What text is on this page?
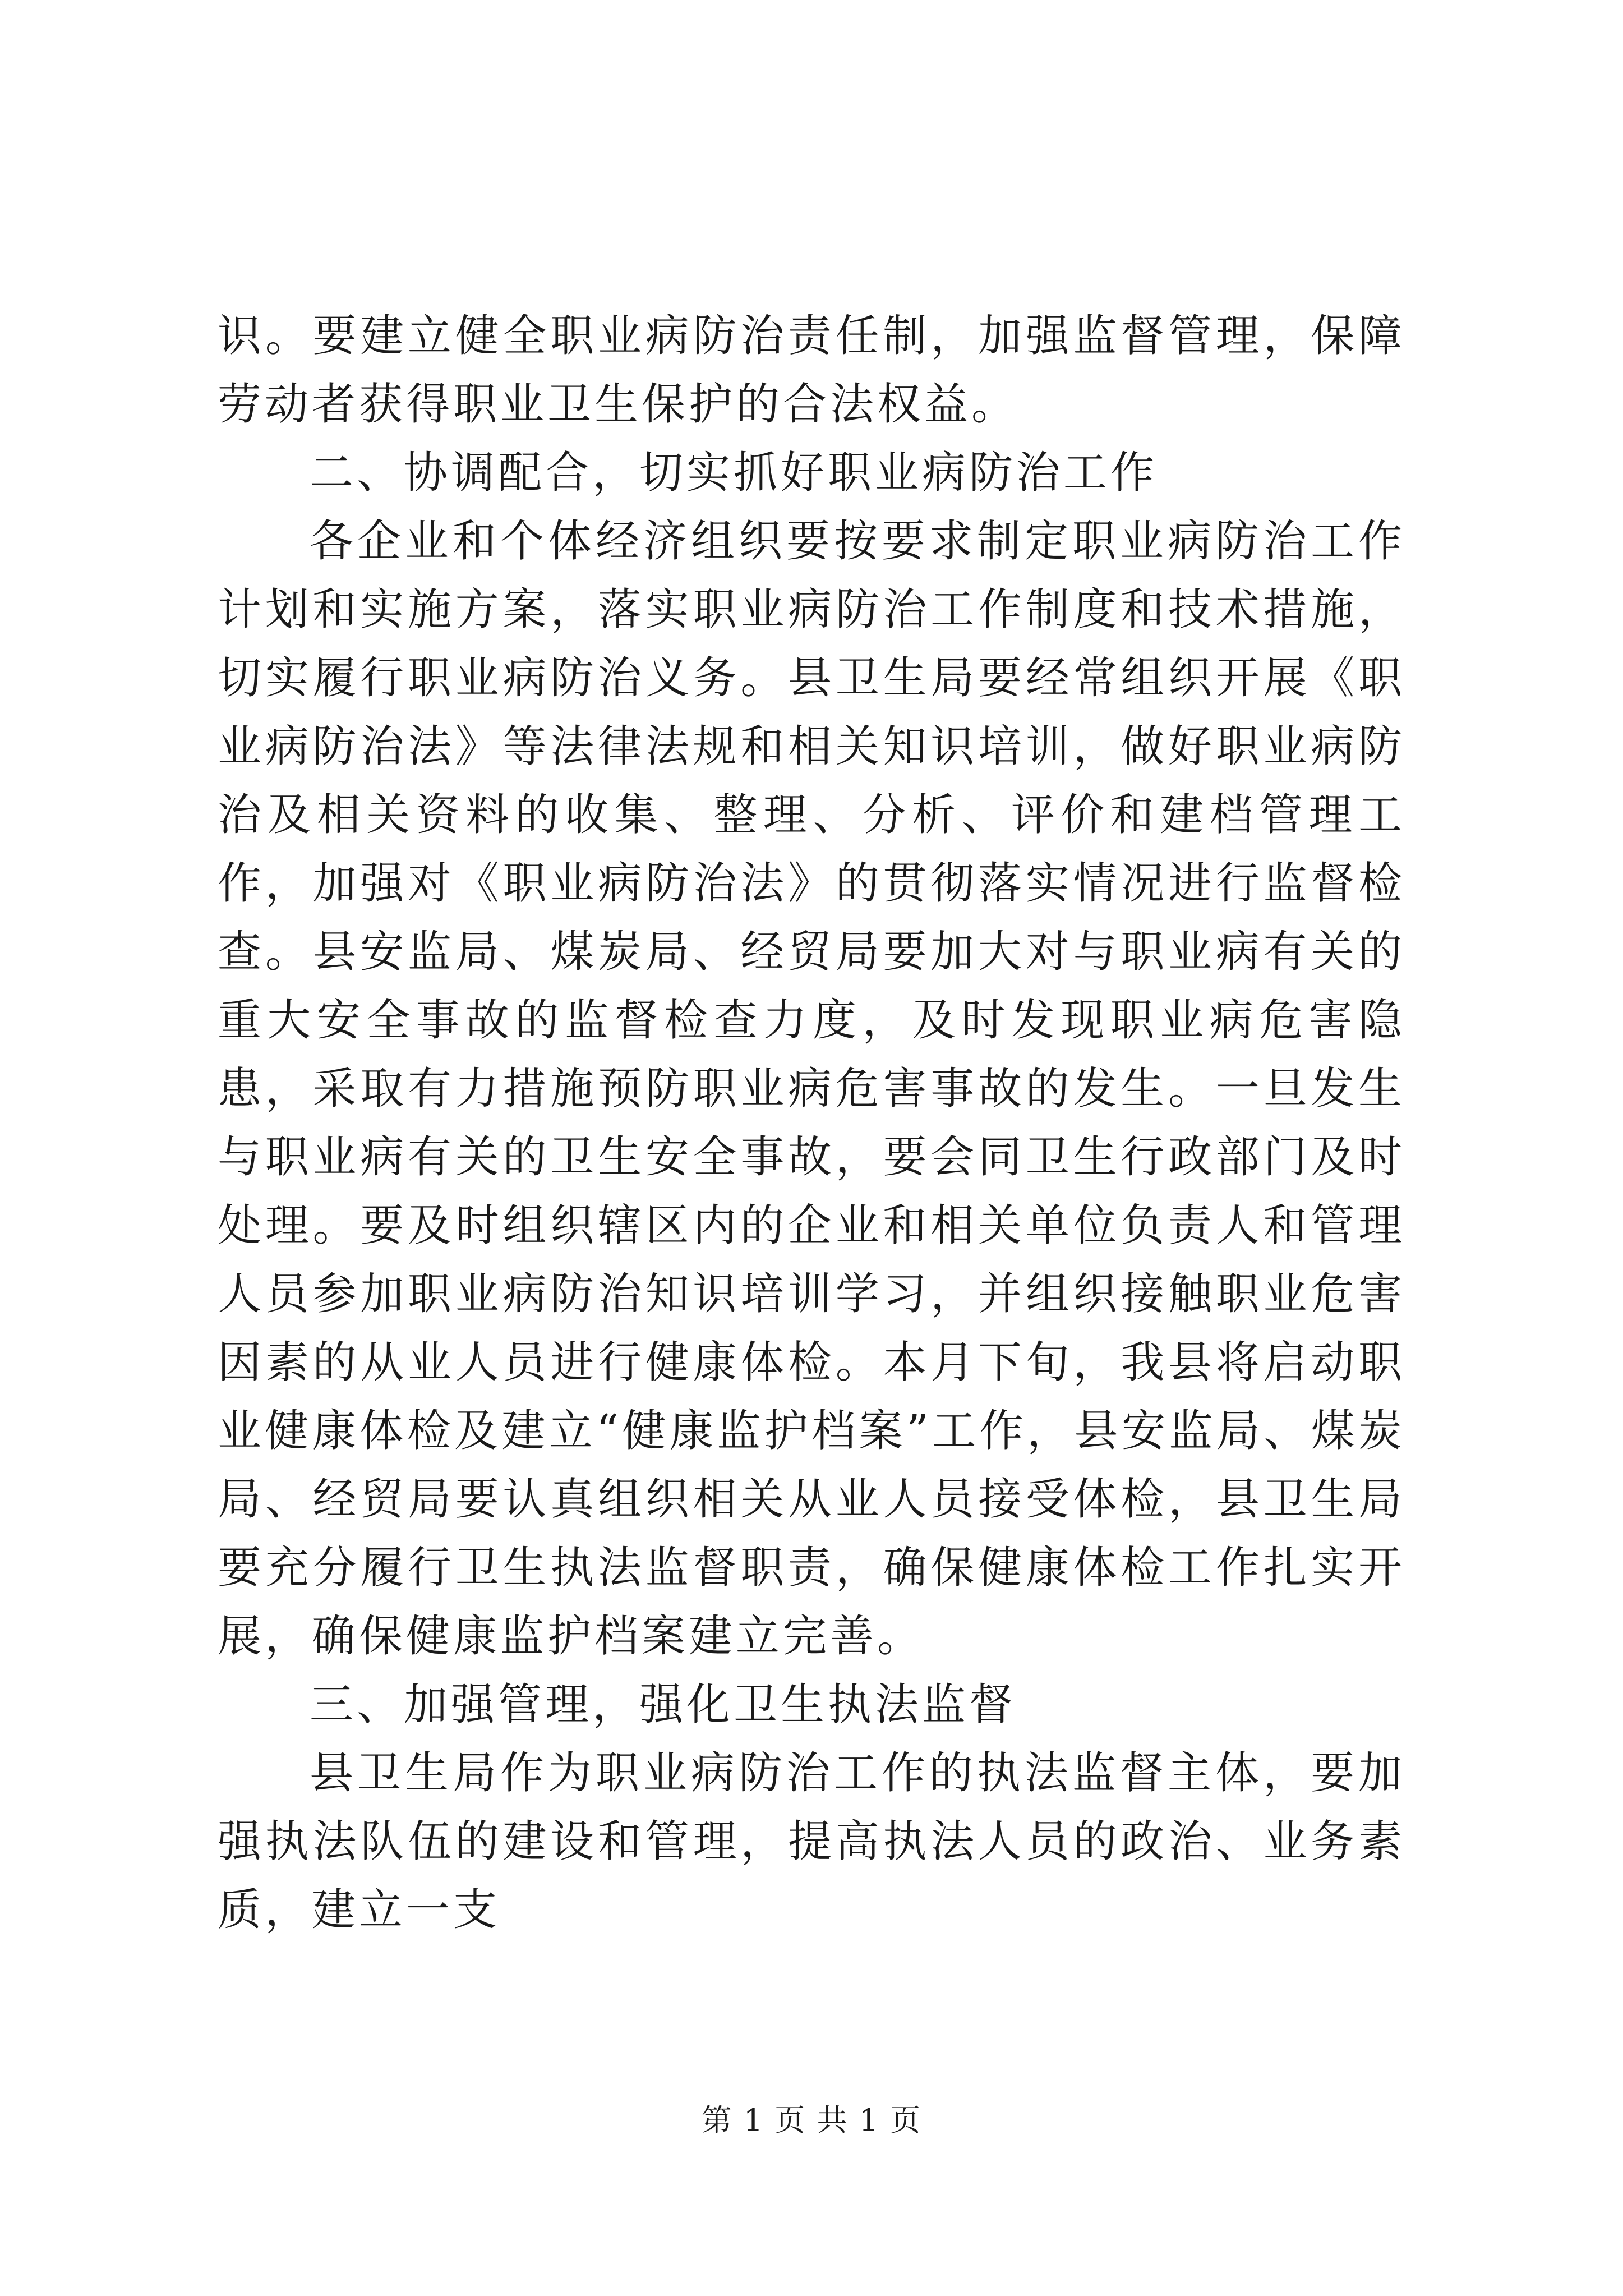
识。要建立健全职业病防治责任制，加强监督管理，保障劳动者获得职业卫生保护的合法权益。

二、协调配合，切实抓好职业病防治工作

各企业和个体经济组织要按要求制定职业病防治工作计划和实施方案，落实职业病防治工作制度和技术措施，切实履行职业病防治义务。县卫生局要经常组织开展《职业病防治法》等法律法规和相关知识培训，做好职业病防治及相关资料的收集、整理、分析、评价和建档管理工作，加强对《职业病防治法》的贯彻落实情况进行监督检查。县安监局、煤炭局、经贸局要加大对与职业病有关的重大安全事故的监督检查力度，及时发现职业病危害隐患，采取有力措施预防职业病危害事故的发生。一旦发生与职业病有关的卫生安全事故，要会同卫生行政部门及时处理。要及时组织辖区内的企业和相关单位负责人和管理人员参加职业病防治知识培训学习，并组织接触职业危害因素的从业人员进行健康体检。本月下旬，我县将启动职业健康体检及建立“健康监护档案”工作，县安监局、煤炭局、经贸局要认真组织相关从业人员接受体检，县卫生局要充分履行卫生执法监督职责，确保健康体检工作扎实开展，确保健康监护档案建立完善。

三、加强管理，强化卫生执法监督

县卫生局作为职业病防治工作的执法监督主体，要加强执法队伍的建设和管理，提高执法人员的政治、业务素质，建立一支

第 1 页 共 1 页
